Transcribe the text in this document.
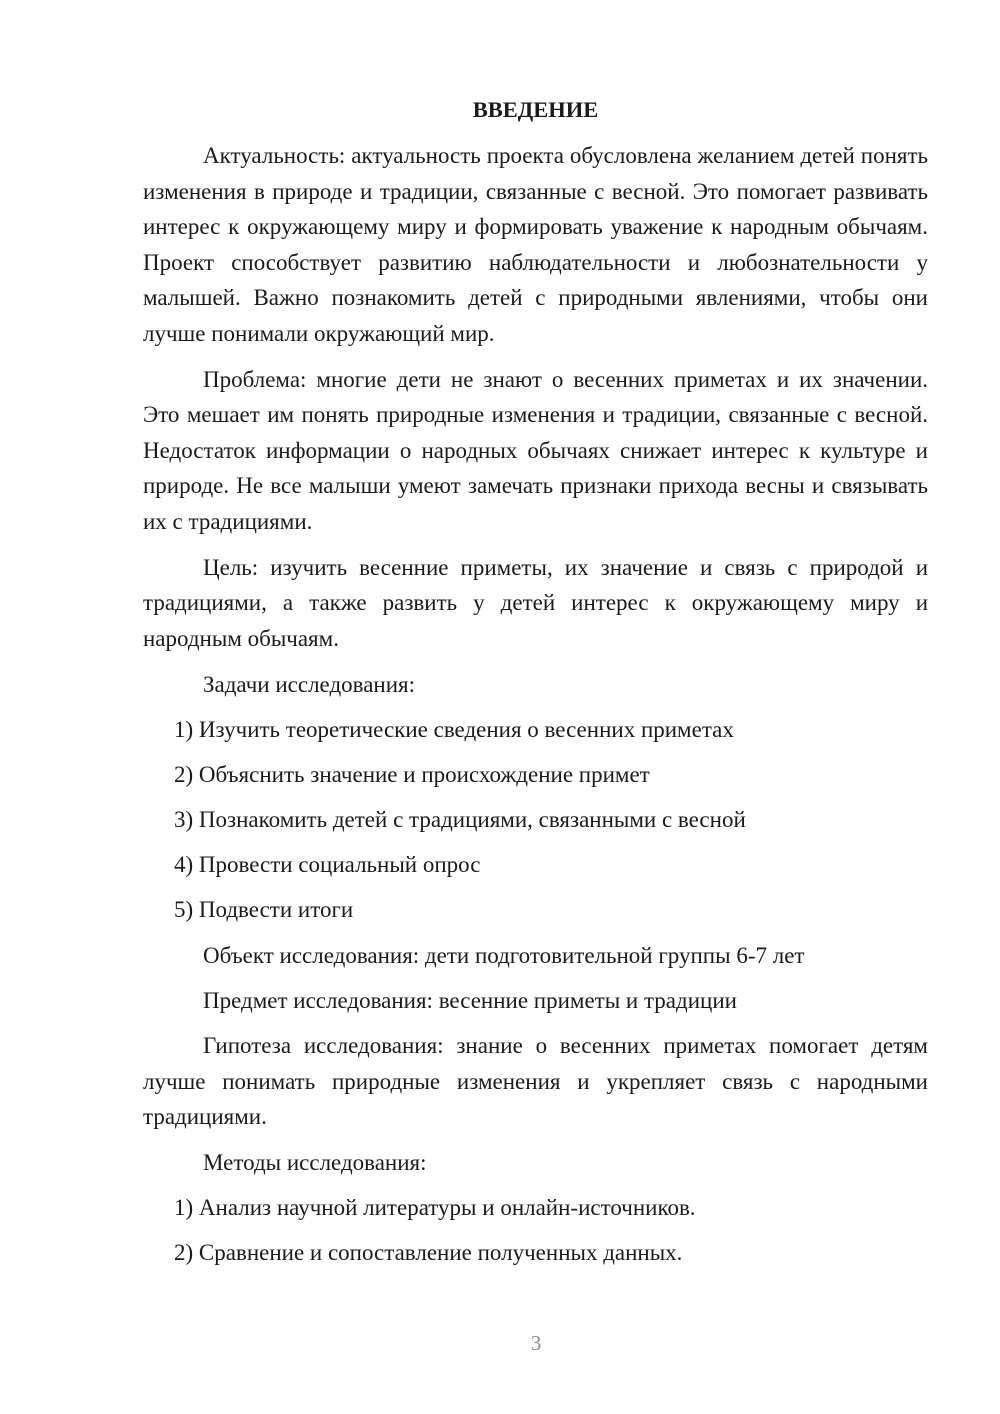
ВВЕДЕНИЕ
Актуальность: актуальность проекта обусловлена желанием детей понять изменения в природе и традиции, связанные с весной. Это помогает развивать интерес к окружающему миру и формировать уважение к народным обычаям. Проект способствует развитию наблюдательности и любознательности у малышей. Важно познакомить детей с природными явлениями, чтобы они лучше понимали окружающий мир.
Проблема: многие дети не знают о весенних приметах и их значении. Это мешает им понять природные изменения и традиции, связанные с весной. Недостаток информации о народных обычаях снижает интерес к культуре и природе. Не все малыши умеют замечать признаки прихода весны и связывать их с традициями.
Цель: изучить весенние приметы, их значение и связь с природой и традициями, а также развить у детей интерес к окружающему миру и народным обычаям.
Задачи исследования:
1) Изучить теоретические сведения о весенних приметах
2) Объяснить значение и происхождение примет
3) Познакомить детей с традициями, связанными с весной
4) Провести социальный опрос
5) Подвести итоги
Объект исследования: дети подготовительной группы 6-7 лет
Предмет исследования: весенние приметы и традиции
Гипотеза исследования: знание о весенних приметах помогает детям лучше понимать природные изменения и укрепляет связь с народными традициями.
Методы исследования:
1) Анализ научной литературы и онлайн-источников.
2) Сравнение и сопоставление полученных данных.
3
